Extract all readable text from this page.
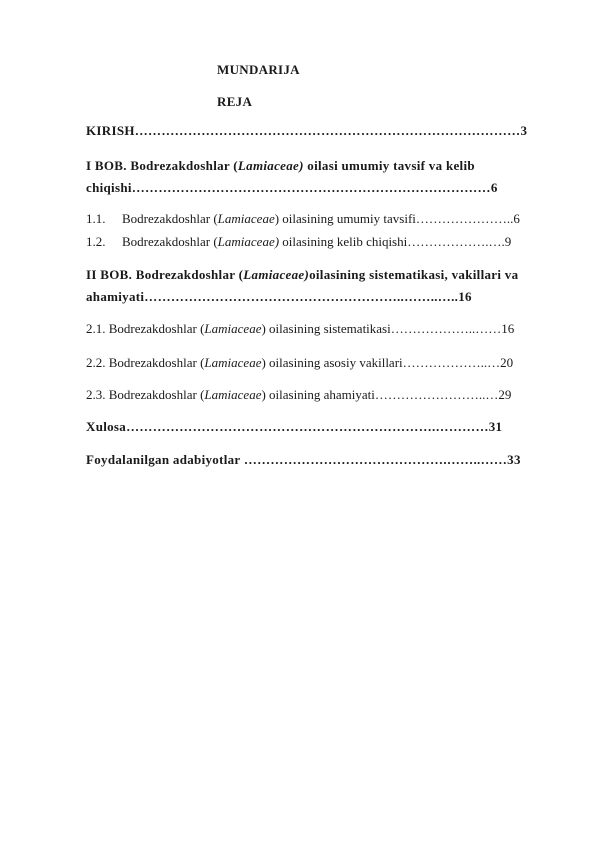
MUNDARIJA
REJA
KIRISH……………………………………………………………………………3
I BOB. Bodrezakdoshlar (Lamiaceae) oilasi umumiy tavsif va kelib
chiqishi………………………………………………………………………6
1.1. Bodrezakdoshlar (Lamiaceae) oilasining umumiy tavsifi…………………..6
1.2. Bodrezakdoshlar (Lamiaceae) oilasining kelib chiqishi……………….….9
II BOB. Bodrezakdoshlar (Lamiaceae)oilasining sistematikasi, vakillari va
ahamiyati…………………………………………………..……..…..16
2.1. Bodrezakdoshlar (Lamiaceae) oilasining sistematikasi………………..……16
2.2. Bodrezakdoshlar (Lamiaceae) oilasining asosiy vakillari………………..…20
2.3. Bodrezakdoshlar (Lamiaceae) oilasining ahamiyati……………………..…29
Xulosa…………………………………………………………….…………31
Foydalanilgan adabiyotlar ……………………………………….……..……33
